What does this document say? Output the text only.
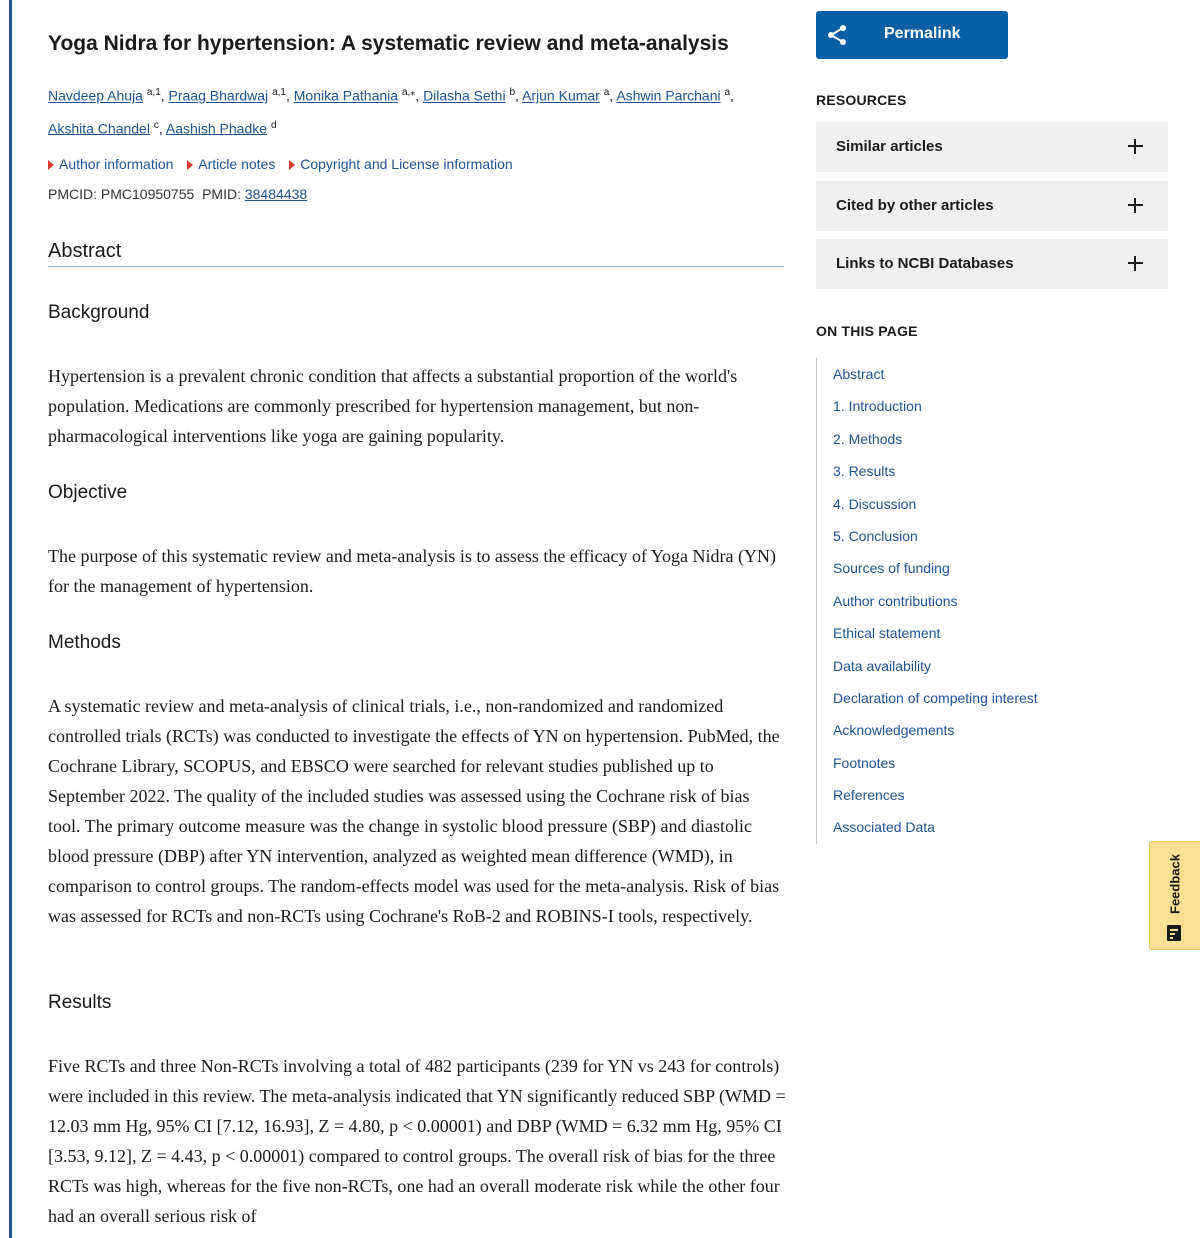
Yoga Nidra for hypertension: A systematic review and meta-analysis
Navdeep Ahuja $^{a,1}$, Praag Bhardwaj $^{a,1}$, Monika Pathania $^{a,⁎}$, Dilasha Sethi $^b$, Arjun Kumar $^a$, Ashwin Parchani $^a$,
Akshita Chandel $^c$, Aashish Phadke $^d$
Author information Article notes Copyright and License information
PMCID: PMC10950755 PMID: 38484438
Abstract
Background

Hypertension is a prevalent chronic condition that affects a substantial proportion of the world's population. Medications are commonly prescribed for hypertension management, but non-pharmacological interventions like yoga are gaining popularity.

Objective

The purpose of this systematic review and meta-analysis is to assess the efficacy of Yoga Nidra (YN) for the management of hypertension.

Methods

A systematic review and meta-analysis of clinical trials, i.e., non-randomized and randomized controlled trials (RCTs) was conducted to investigate the effects of YN on hypertension. PubMed, the Cochrane Library, SCOPUS, and EBSCO were searched for relevant studies published up to September 2022. The quality of the included studies was assessed using the Cochrane risk of bias tool. The primary outcome measure was the change in systolic blood pressure (SBP) and diastolic blood pressure (DBP) after YN intervention, analyzed as weighted mean difference (WMD), in comparison to control groups. The random-effects model was used for the meta-analysis. Risk of bias was assessed for RCTs and non-RCTs using Cochrane's RoB-2 and ROBINS-I tools, respectively.

Results

Five RCTs and three Non-RCTs involving a total of 482 participants (239 for YN vs 243 for controls) were included in this review. The meta-analysis indicated that YN significantly reduced SBP (WMD = 12.03 mm Hg, 95% CI [7.12, 16.93], Z = 4.80, p < 0.00001) and DBP (WMD = 6.32 mm Hg, 95% CI [3.53, 9.12], Z = 4.43, p < 0.00001) compared to control groups. The overall risk of bias for the three RCTs was high, whereas for the five non-RCTs, one had an overall moderate risk while the other four had an overall serious risk of

Permalink
RESOURCES
Similar articles
Cited by other articles
Links to NCBI Databases
ON THIS PAGE
Abstract
1. Introduction
2. Methods
3. Results
4. Discussion
5. Conclusion
Sources of funding
Author contributions
Ethical statement
Data availability
Declaration of competing interest
Acknowledgements
Footnotes
References
Associated Data
Feedback
